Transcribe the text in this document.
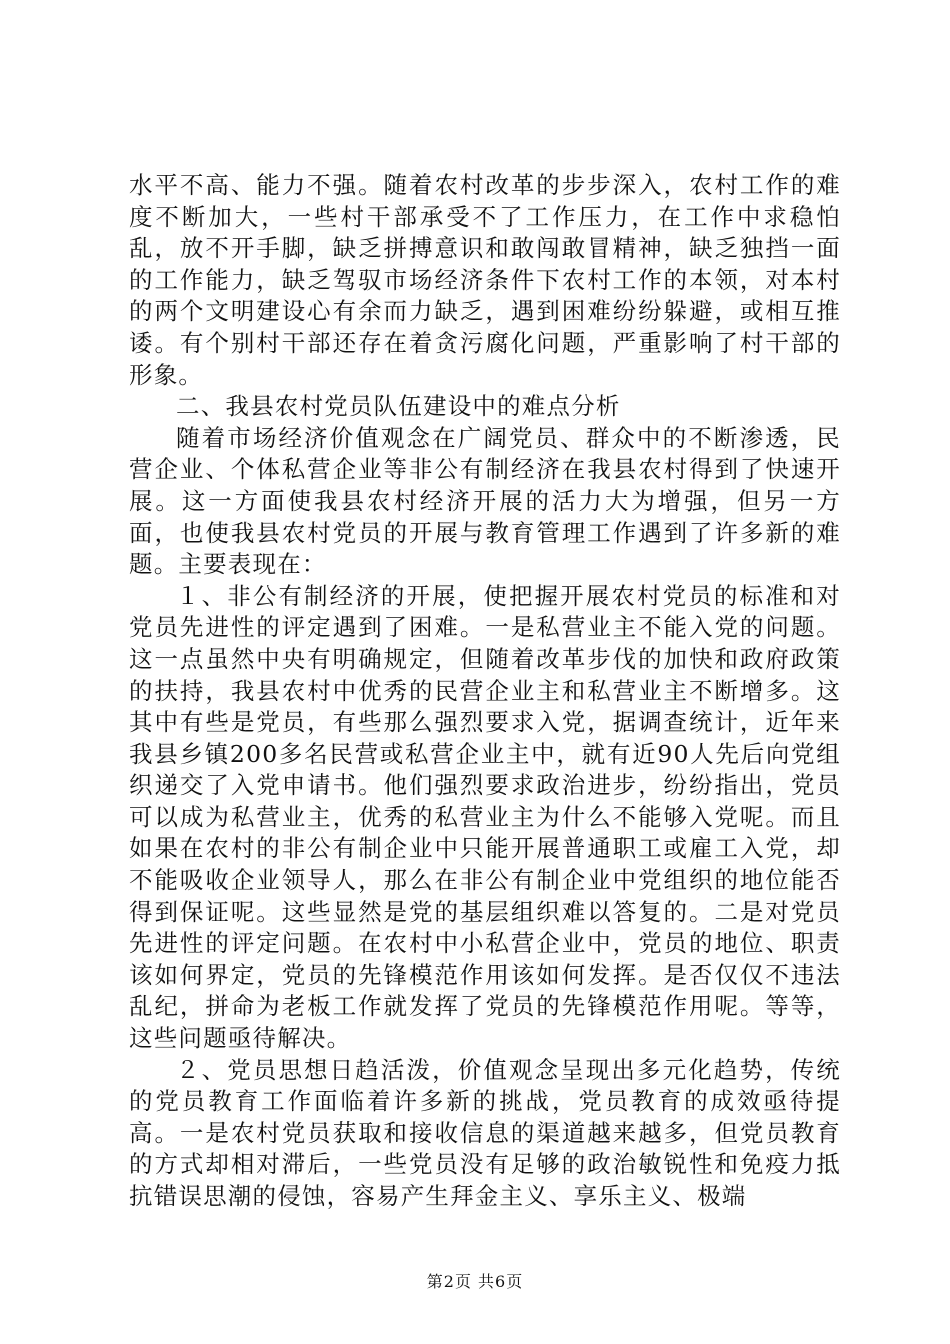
水平不高、能力不强。随着农村改革的步步深入，农村工作的难度不断加大，一些村干部承受不了工作压力，在工作中求稳怕乱，放不开手脚，缺乏拼搏意识和敢闯敢冒精神，缺乏独挡一面的工作能力，缺乏驾驭市场经济条件下农村工作的本领，对本村的两个文明建设心有余而力缺乏，遇到困难纷纷躲避，或相互推诿。有个别村干部还存在着贪污腐化问题，严重影响了村干部的形象。

二、我县农村党员队伍建设中的难点分析

随着市场经济价值观念在广阔党员、群众中的不断渗透，民营企业、个体私营企业等非公有制经济在我县农村得到了快速开展。这一方面使我县农村经济开展的活力大为增强，但另一方面，也使我县农村党员的开展与教育管理工作遇到了许多新的难题。主要表现在：

１、非公有制经济的开展，使把握开展农村党员的标准和对党员先进性的评定遇到了困难。一是私营业主不能入党的问题。这一点虽然中央有明确规定，但随着改革步伐的加快和政府政策的扶持，我县农村中优秀的民营企业主和私营业主不断增多。这其中有些是党员，有些那么强烈要求入党，据调查统计，近年来我县乡镇200多名民营或私营企业主中，就有近90人先后向党组织递交了入党申请书。他们强烈要求政治进步，纷纷指出，党员可以成为私营业主，优秀的私营业主为什么不能够入党呢。而且如果在农村的非公有制企业中只能开展普通职工或雇工入党，却不能吸收企业领导人，那么在非公有制企业中党组织的地位能否得到保证呢。这些显然是党的基层组织难以答复的。二是对党员先进性的评定问题。在农村中小私营企业中，党员的地位、职责该如何界定，党员的先锋模范作用该如何发挥。是否仅仅不违法乱纪，拼命为老板工作就发挥了党员的先锋模范作用呢。等等，这些问题亟待解决。

２、党员思想日趋活泼，价值观念呈现出多元化趋势，传统的党员教育工作面临着许多新的挑战，党员教育的成效亟待提高。一是农村党员获取和接收信息的渠道越来越多，但党员教育的方式却相对滞后，一些党员没有足够的政治敏锐性和免疫力抵抗错误思潮的侵蚀，容易产生拜金主义、享乐主义、极端

第2页 共6页
